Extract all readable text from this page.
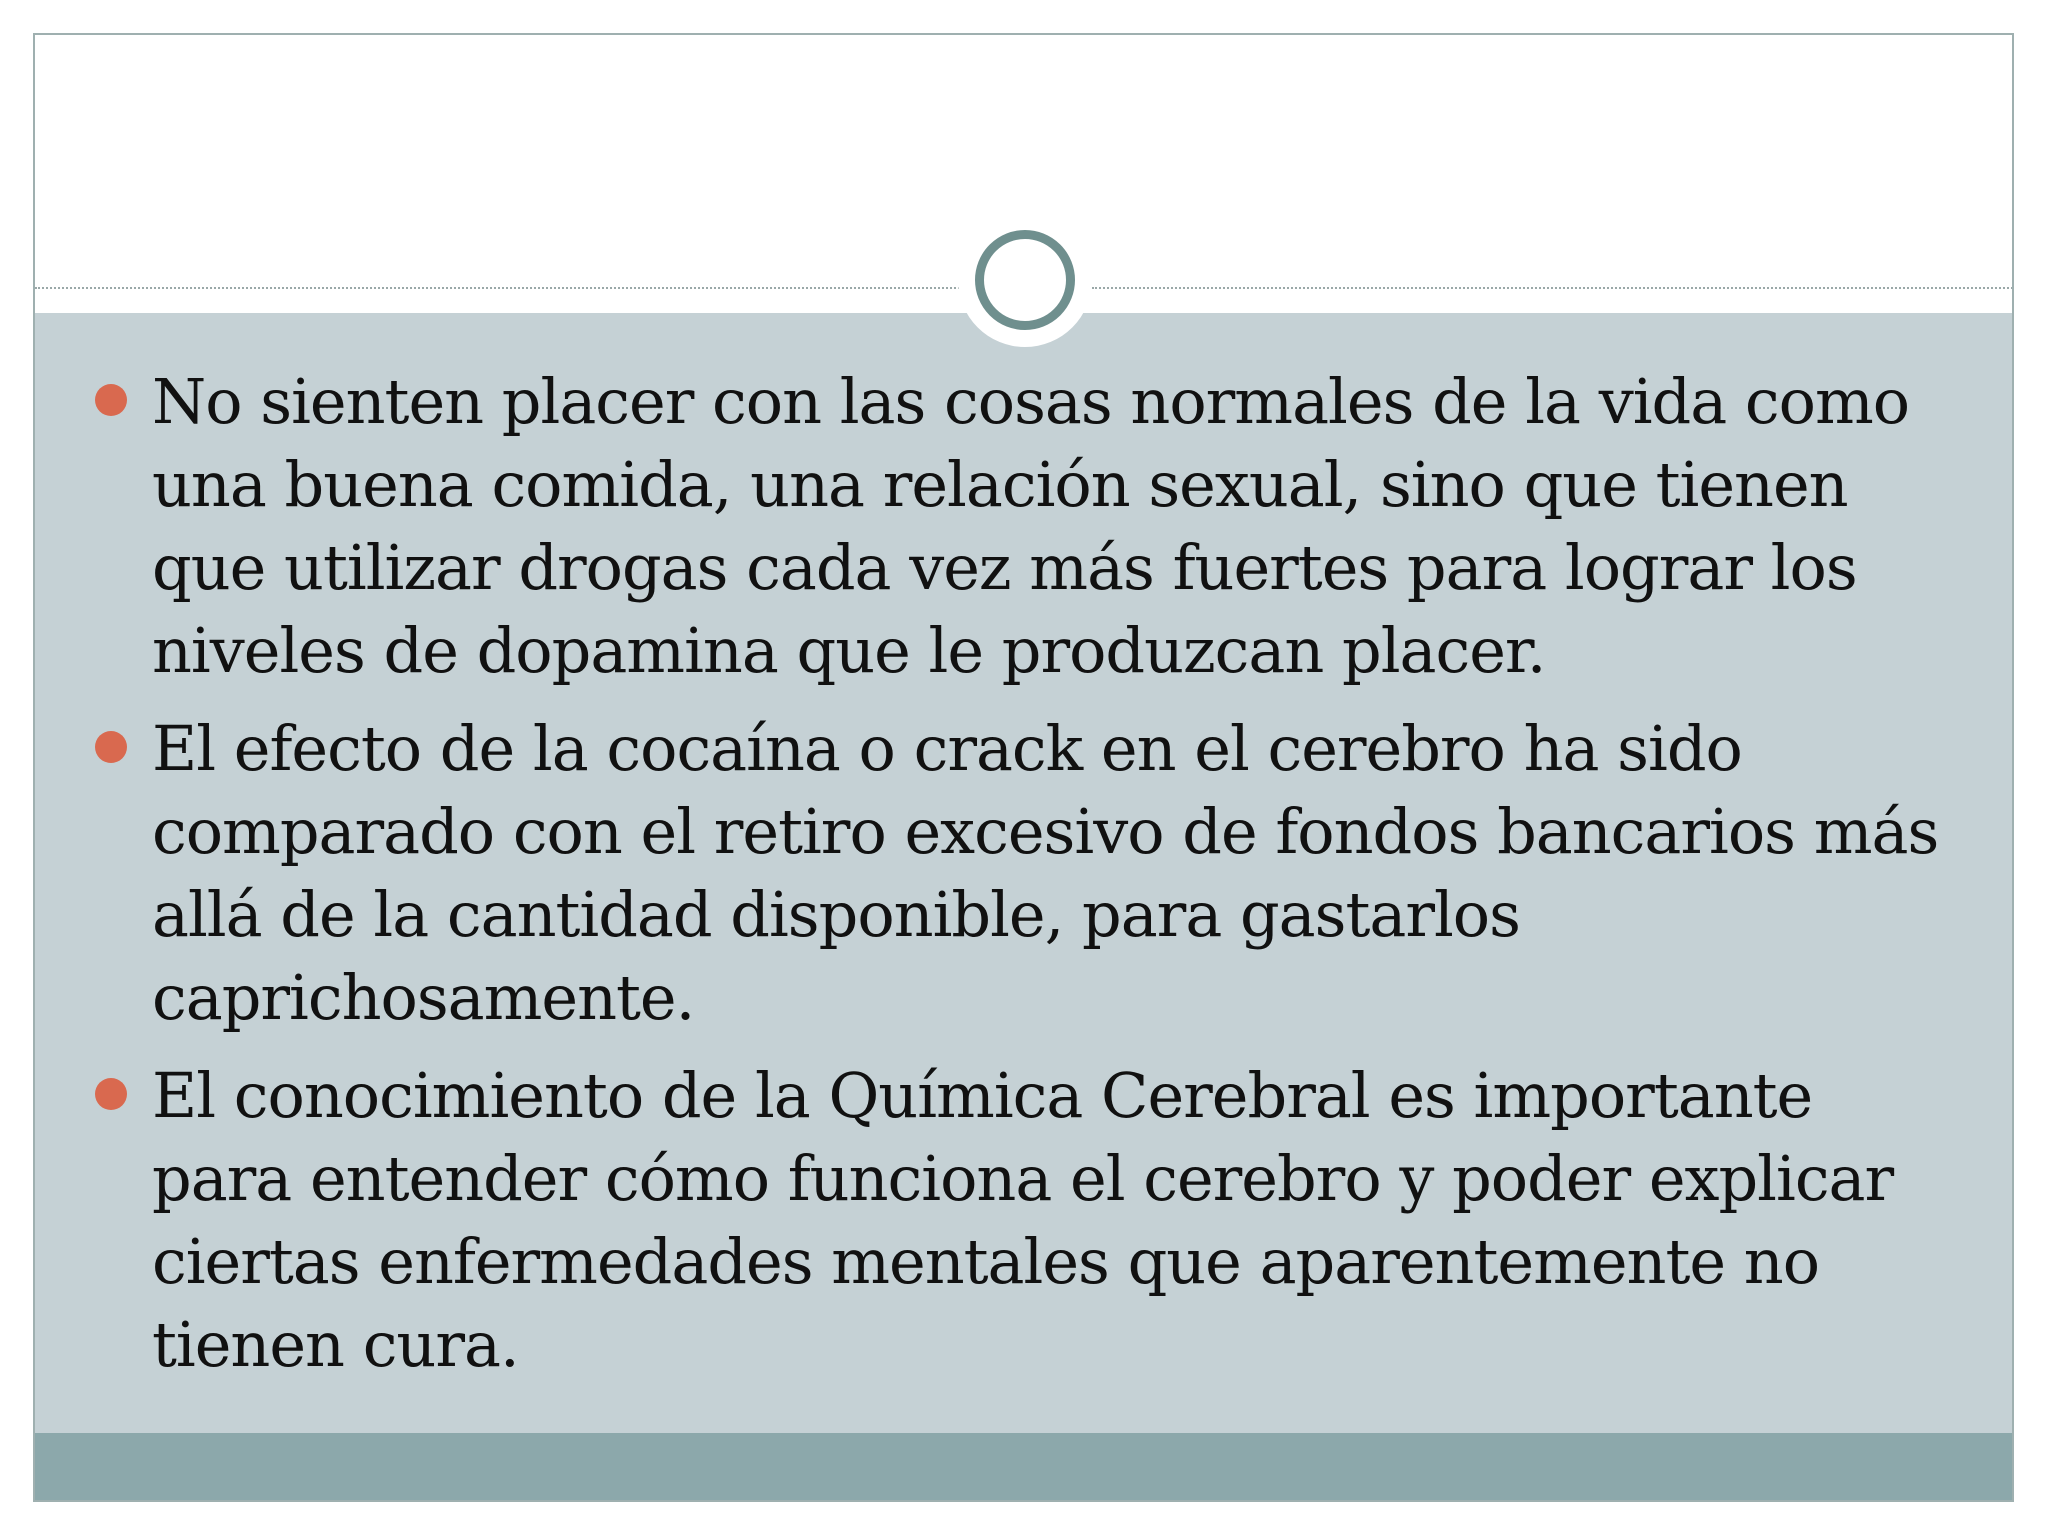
No sienten placer con las cosas normales de la vida como una buena comida, una relación sexual, sino que tienen que utilizar drogas cada vez más fuertes para lograr los niveles de dopamina que le produzcan placer.
El efecto de la cocaína o crack en el cerebro ha sido comparado con el retiro excesivo de fondos bancarios más allá de la cantidad disponible, para gastarlos caprichosamente.
El conocimiento de la Química Cerebral es importante para entender cómo funciona el cerebro y poder explicar ciertas enfermedades mentales que aparentemente no tienen cura.
